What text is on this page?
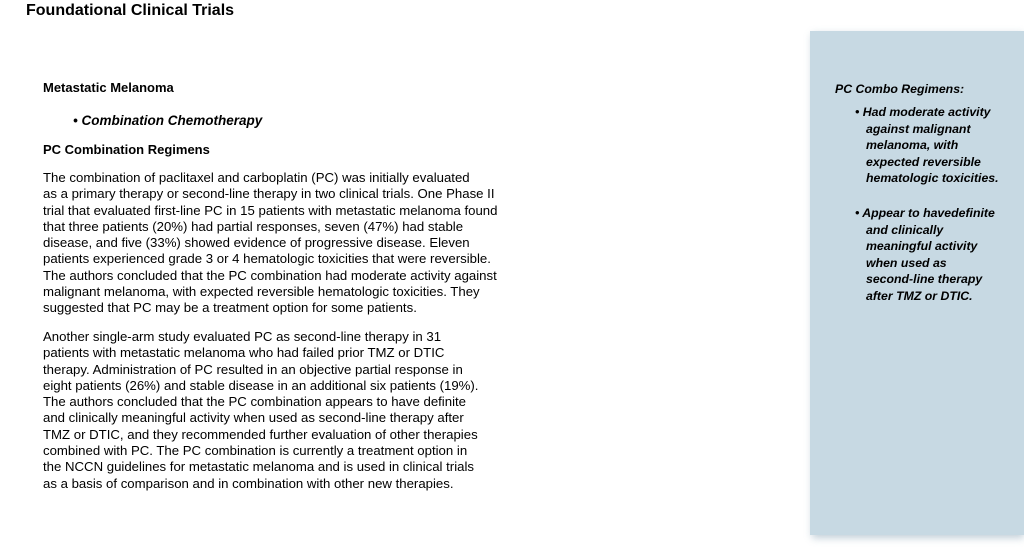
Foundational Clinical Trials
Metastatic Melanoma
• Combination Chemotherapy
PC Combination Regimens
The combination of paclitaxel and carboplatin (PC) was initially evaluated
as a primary therapy or second-line therapy in two clinical trials. One Phase II
trial that evaluated first-line PC in 15 patients with metastatic melanoma found
that three patients (20%) had partial responses, seven (47%) had stable
disease, and five (33%) showed evidence of progressive disease. Eleven
patients experienced grade 3 or 4 hematologic toxicities that were reversible.
The authors concluded that the PC combination had moderate activity against
malignant melanoma, with expected reversible hematologic toxicities. They
suggested that PC may be a treatment option for some patients.
Another single-arm study evaluated PC as second-line therapy in 31
patients with metastatic melanoma who had failed prior TMZ or DTIC
therapy. Administration of PC resulted in an objective partial response in
eight patients (26%) and stable disease in an additional six patients (19%).
The authors concluded that the PC combination appears to have definite
and clinically meaningful activity when used as second-line therapy after
TMZ or DTIC, and they recommended further evaluation of other therapies
combined with PC. The PC combination is currently a treatment option in
the NCCN guidelines for metastatic melanoma and is used in clinical trials
as a basis of comparison and in combination with other new therapies.
PC Combo Regimens:
• Had moderate activity
against malignant
melanoma, with
expected reversible
hematologic toxicities.
• Appear to havedefinite
and clinically
meaningful activity
when used as
second-line therapy
after TMZ or DTIC.
